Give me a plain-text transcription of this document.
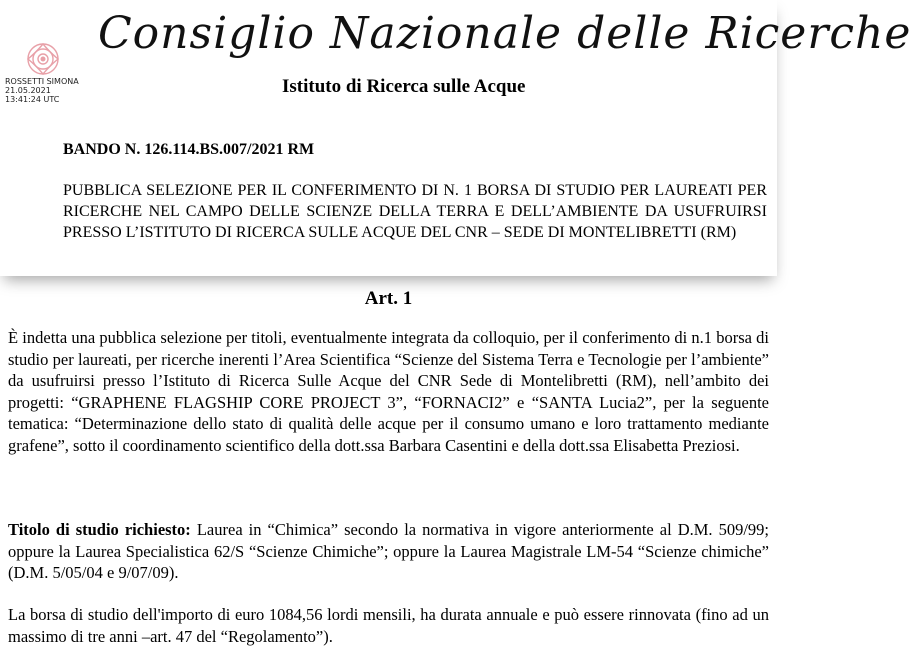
Consiglio Nazionale delle Ricerche
ROSSETTI SIMONA
21.05.2021
13:41:24 UTC
Istituto di Ricerca sulle Acque
BANDO N. 126.114.BS.007/2021 RM
PUBBLICA SELEZIONE PER IL CONFERIMENTO DI N. 1 BORSA DI STUDIO PER LAUREATI PER RICERCHE NEL CAMPO DELLE SCIENZE DELLA TERRA E DELL’AMBIENTE DA USUFRUIRSI PRESSO L’ISTITUTO DI RICERCA SULLE ACQUE DEL CNR – SEDE DI MONTELIBRETTI (RM)
Art. 1
È indetta una pubblica selezione per titoli, eventualmente integrata da colloquio, per il conferimento di n.1 borsa di studio per laureati, per ricerche inerenti l’Area Scientifica “Scienze del Sistema Terra e Tecnologie per l’ambiente” da usufruirsi presso l’Istituto di Ricerca Sulle Acque del CNR Sede di Montelibretti (RM), nell’ambito dei progetti: “GRAPHENE FLAGSHIP CORE PROJECT 3”, “FORNACI2” e “SANTA Lucia2”, per la seguente tematica: “Determinazione dello stato di qualità delle acque per il consumo umano e loro trattamento mediante grafene”, sotto il coordinamento scientifico della dott.ssa Barbara Casentini e della dott.ssa Elisabetta Preziosi.
Titolo di studio richiesto: Laurea in “Chimica” secondo la normativa in vigore anteriormente al D.M. 509/99; oppure la Laurea Specialistica 62/S “Scienze Chimiche”; oppure la Laurea Magistrale LM-54 “Scienze chimiche” (D.M. 5/05/04 e 9/07/09).
La borsa di studio dell'importo di euro 1084,56 lordi mensili, ha durata annuale e può essere rinnovata (fino ad un massimo di tre anni –art. 47 del “Regolamento”).
